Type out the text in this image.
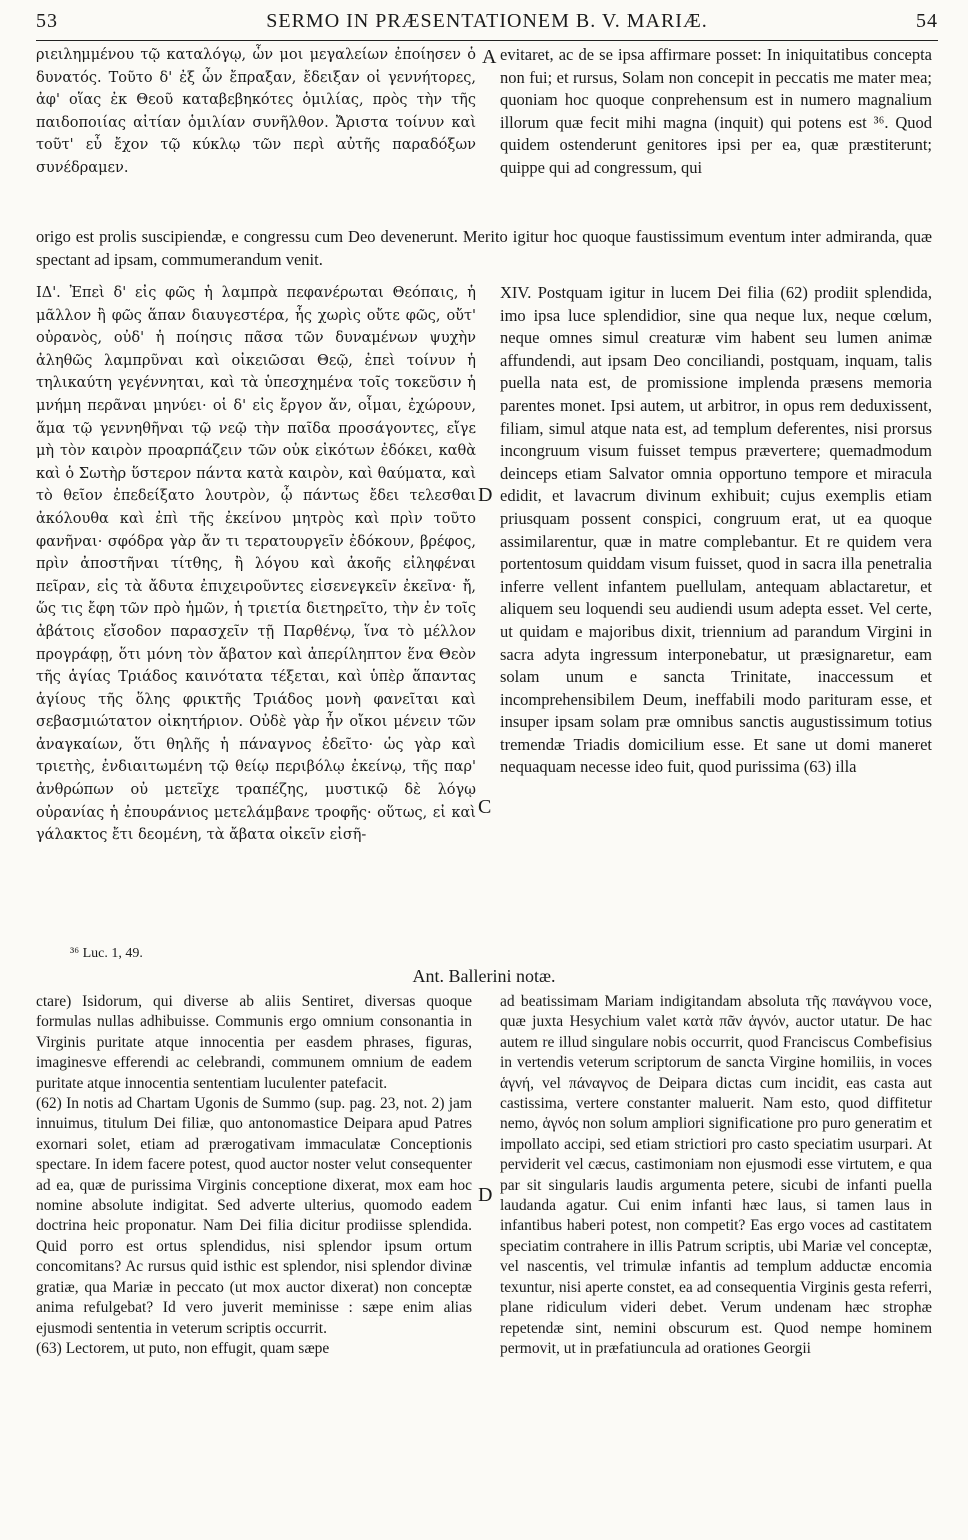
53	SERMO IN PRÆSENTATIONEM B. V. MARIÆ.	54

ριειλημμένου τῷ καταλόγῳ, ὧν μοι μεγαλείων ἐποίησεν ὁ δυνατός. Τοῦτο δ' ἐξ ὧν ἔπραξαν, ἔδειξαν οἱ γεννήτορες, ἀφ' οἵας ἐκ Θεοῦ καταβεβηκότες ὁμιλίας, πρὸς τὴν τῆς παιδοποιίας αἰτίαν ὁμιλίαν συνῆλθον. Ἄριστα τοίνυν καὶ τοῦτ' εὖ ἔχον τῷ κύκλῳ τῶν περὶ αὐτῆς παραδόξων συνέδραμεν.

A evitaret, ac de se ipsa affirmare posset: In iniquitatibus concepta non fui; et rursus, Solam non concepit in peccatis me mater mea; quoniam hoc quoque conprehensum est in numero magnalium illorum quæ fecit mihi magna (inquit) qui potens est ³⁶. Quod quidem ostenderunt genitores ipsi per ea, quæ præstiterunt; quippe qui ad congressum, qui

origo est prolis suscipiendæ, e congressu cum Deo devenerunt. Merito igitur hoc quoque faustissimum eventum inter admiranda, quæ spectant ad ipsam, commumerandum venit.

ΙΔ'. Ἐπεὶ δ' εἰς φῶς ἡ λαμπρὰ πεφανέρωται Θεόπαις, ἡ μᾶλλον ἢ φῶς ἅπαν διαυγεστέρα, ἧς χωρὶς οὔτε φῶς, οὔτ' οὐρανὸς, οὐδ' ἡ ποίησις πᾶσα τῶν δυναμένων ψυχὴν ἀληθῶς λαμπρῦναι καὶ οἰκειῶσαι Θεῷ, ἐπεὶ τοίνυν ἡ τηλικαύτη γεγέννηται, καὶ τὰ ὑπεσχημένα τοῖς τοκεῦσιν ἡ μνήμη περᾶναι μηνύει· οἱ δ' εἰς ἔργον ἄν, οἶμαι, ἐχώρουν, ἅμα τῷ γεννηθῆναι τῷ νεῷ τὴν παῖδα προσάγοντες, εἴγε μὴ τὸν καιρὸν προαρπάζειν τῶν οὐκ εἰκότων ἐδόκει, καθὰ καὶ ὁ Σωτὴρ ὕστερον πάντα κατὰ καιρὸν, καὶ θαύματα, καὶ τὸ θεῖον ἐπεδείξατο λουτρὸν, ᾧ πάντως ἔδει τελεσθαι ἀκόλουθα καὶ ἐπὶ τῆς ἐκείνου μητρὸς καὶ πρὶν τοῦτο φανῆναι· σφόδρα γὰρ ἄν τι τερατουργεῖν ἐδόκουν, βρέφος, πρὶν ἀποστῆναι τίτθης, ἢ λόγου καὶ ἀκοῆς εἰληφέναι πεῖραν, εἰς τὰ ἄδυτα ἐπιχειροῦντες εἰσενεγκεῖν ἐκεῖνα· ἤ, ὥς τις ἔφη τῶν πρὸ ἡμῶν, ἡ τριετία διετηρεῖτο, τὴν ἐν τοῖς ἀβάτοις εἴσοδον παρασχεῖν τῇ Παρθένῳ, ἵνα τὸ μέλλον προγράφῃ, ὅτι μόνη τὸν ἄβατον καὶ ἀπερίληπτον ἕνα Θεὸν τῆς ἁγίας Τριάδος καινότατα τέξεται, καὶ ὑπὲρ ἅπαντας ἁγίους τῆς ὅλης φρικτῆς Τριάδος μονὴ φανεῖται καὶ σεβασμιώτατον οἰκητήριον. Οὐδὲ γὰρ ἦν οἴκοι μένειν τῶν ἀναγκαίων, ὅτι θηλῆς ἡ πάναγνος ἐδεῖτο· ὡς γὰρ καὶ τριετὴς, ἐνδιαιτωμένη τῷ θείῳ περιβόλῳ ἐκείνῳ, τῆς παρ' ἀνθρώπων οὐ μετεῖχε τραπέζης, μυστικῷ δὲ λόγῳ οὐρανίας ἡ ἐπουράνιος μετελάμβανε τροφῆς· οὕτως, εἰ καὶ γάλακτος ἔτι δεομένη, τὰ ἄβατα οἰκεῖν εἰσῆ-

D
C

XIV. Postquam igitur in lucem Dei filia (62) prodiit splendida, imo ipsa luce splendidior, sine qua neque lux, neque cœlum, neque omnes simul creaturæ vim habent seu lumen animæ affundendi, aut ipsam Deo conciliandi, postquam, inquam, talis puella nata est, de promissione implenda præsens memoria parentes monet. Ipsi autem, ut arbitror, in opus rem deduxissent, filiam, simul atque nata est, ad templum deferentes, nisi prorsus incongruum visum fuisset tempus prævertere; quemadmodum deinceps etiam Salvator omnia opportuno tempore et miracula edidit, et lavacrum divinum exhibuit; cujus exemplis etiam priusquam possent conspici, congruum erat, ut ea quoque assimilarentur, quæ in matre complebantur. Et re quidem vera portentosum quiddam visum fuisset, quod in sacra illa penetralia inferre vellent infantem puellulam, antequam ablactaretur, et aliquem seu loquendi seu audiendi usum adepta esset. Vel certe, ut quidam e majoribus dixit, triennium ad parandum Virgini in sacra adyta ingressum interponebatur, ut præsignaretur, eam solam unum e sancta Trinitate, inaccessum et incomprehensibilem Deum, ineffabili modo parituram esse, et insuper ipsam solam præ omnibus sanctis augustissimum totius tremendæ Triadis domicilium esse. Et sane ut domi maneret nequaquam necesse ideo fuit, quod purissima (63) illa

³⁶ Luc. 1, 49.

Ant. Ballerini notæ.

ctare) Isidorum, qui diverse ab aliis Sentiret, diversas quoque formulas nullas adhibuisse. Communis ergo omnium consonantia in Virginis puritate atque innocentia per easdem phrases, figuras, imaginesve efferendi ac celebrandi, communem omnium de eadem puritate atque innocentia sententiam luculenter patefacit.

(62) In notis ad Chartam Ugonis de Summo (sup. pag. 23, not. 2) jam innuimus, titulum Dei filiæ, quo antonomastice Deipara apud Patres exornari solet, etiam ad prærogativam immaculatæ Conceptionis spectare. In idem facere potest, quod auctor noster velut consequenter ad ea, quæ de purissima Virginis conceptione dixerat, mox eam hoc nomine absolute indigitat. Sed adverte ulterius, quomodo eadem doctrina heic proponatur. Nam Dei filia dicitur prodiisse splendida. Quid porro est ortus splendidus, nisi splendor ipsum ortum concomitans? Ac rursus quid isthic est splendor, nisi splendor divinæ gratiæ, qua Mariæ in peccato (ut mox auctor dixerat) non conceptæ anima refulgebat? Id vero juverit meminisse : sæpe enim alias ejusmodi sententia in veterum scriptis occurrit.

(63) Lectorem, ut puto, non effugit, quam sæpe

D

ad beatissimam Mariam indigitandam absoluta τῆς πανάγνου voce, quæ juxta Hesychium valet κατὰ πᾶν ἁγνόν, auctor utatur. De hac autem re illud singulare nobis occurrit, quod Franciscus Combefisius in vertendis veterum scriptorum de sancta Virgine homiliis, in voces ἁγνή, vel πάναγνος de Deipara dictas cum incidit, eas casta aut castissima, vertere constanter maluerit. Nam esto, quod diffitetur nemo, ἁγνός non solum ampliori significatione pro puro generatim et impollato accipi, sed etiam strictiori pro casto speciatim usurpari. At perviderit vel cæcus, castimoniam non ejusmodi esse virtutem, e qua par sit singularis laudis argumenta petere, sicubi de infanti puella laudanda agatur. Cui enim infanti hæc laus, si tamen laus in infantibus haberi potest, non competit? Eas ergo voces ad castitatem speciatim contrahere in illis Patrum scriptis, ubi Mariæ vel conceptæ, vel nascentis, vel trimulæ infantis ad templum adductæ encomia texuntur, nisi aperte constet, ea ad consequentia Virginis gesta referri, plane ridiculum videri debet. Verum undenam hæc strophæ repetendæ sint, nemini obscurum est. Quod nempe hominem permovit, ut in præfatiuncula ad orationes Georgii
